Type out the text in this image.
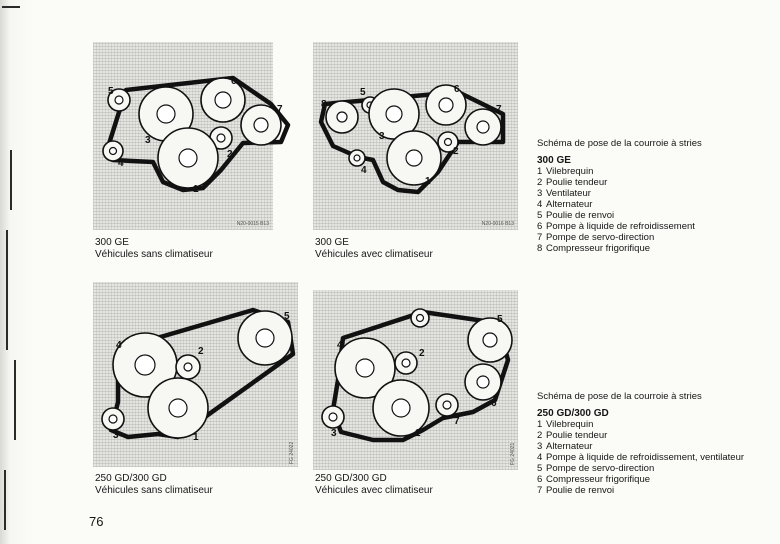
1
2
3
4
5
6
7
N20-0015 B13
300 GE
Véhicules sans climatiseur
1
2
3
4
5	6
7
8
N20-0016 B13
300 GE
Véhicules avec climatiseur
Schéma de pose de la courroie à stries
300 GE
1 Vilebrequin
2 Poulie tendeur
3 Ventilateur
4 Alternateur
5 Poulie de renvoi
6 Pompe à liquide de refroidissement
7 Pompe de servo-direction
8 Compresseur frigorifique
1
2
3
4
5
FG 24022
250 GD/300 GD
Véhicules sans climatiseur
1
2
3
4
5
6
7
FG 24021
250 GD/300 GD
Véhicules avec climatiseur
Schéma de pose de la courroie à stries
250 GD/300 GD
1 Vilebrequin
2 Poulie tendeur
3 Alternateur
4 Pompe à liquide de refroidissement, ventilateur
5 Pompe de servo-direction
6 Compresseur frigorifique
7 Poulie de renvoi
76
